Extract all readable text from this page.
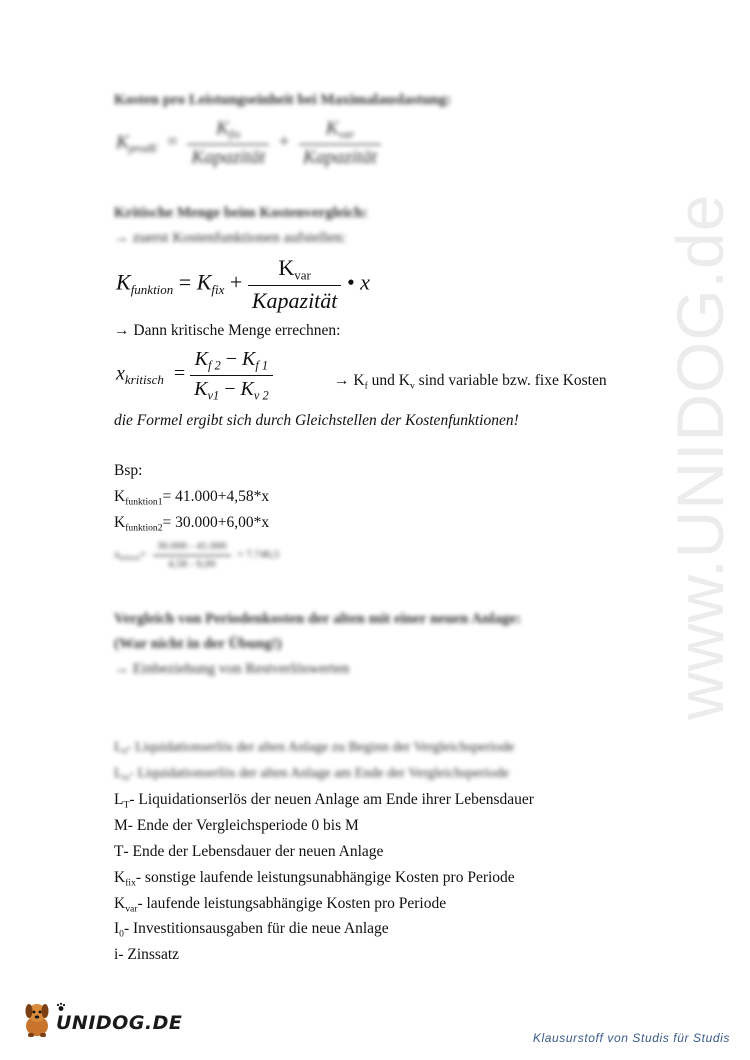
www.UNIDOG.de
Kosten pro Leistungseinheit bei Maximalauslastung:
$K_{prodE} = \frac{K_{fix}}{\text{Kapazität}} + \frac{K_{var}}{\text{Kapazität}}$
Kritische Menge beim Kostenvergleich:
→ zuerst Kostenfunktionen aufstellen:
$K_{funktion} = K_{fix} + \frac{K_{var}}{\text{Kapazität}}$ • x
→ Dann kritische Menge errechnen:
$x_{kritisch} = \frac{K_{f 2} - K_{f 1}}{K_{v1} - K_{v 2}}$	→ $K_f$ und $K_v$ sind variable bzw. fixe Kosten
die Formel ergibt sich durch Gleichstellen der Kostenfunktionen!
Bsp:
$K_{funktion1}= 41.000+4,58*x$
$K_{funktion2}= 30.000+6,00*x$
$x_{kritisch}= \frac{30.000 - 41.000}{4,58 - 6,00} = 7.746,5$
Vergleich von Periodenkosten der alten mit einer neuen Anlage:
(War nicht in der Übung!)
→ Einbeziehung von Restverlöswerten
$L_0-$ Liquidationserlös der alten Anlage zu Beginn der Vergleichsperiode
$L_m-$ Liquidationserlös der alten Anlage am Ende der Vergleichsperiode
$L_T-$ Liquidationserlös der neuen Anlage am Ende ihrer Lebensdauer
M- Ende der Vergleichsperiode 0 bis M
T- Ende der Lebensdauer der neuen Anlage
$K_{fix}-$ sonstige laufende leistungsunabhängige Kosten pro Periode
$K_{var}-$ laufende leistungsabhängige Kosten pro Periode
$I_0-$ Investitionsausgaben für die neue Anlage
i- Zinssatz
UNIDOG.DE
Klausurstoff von Studis für Studis
